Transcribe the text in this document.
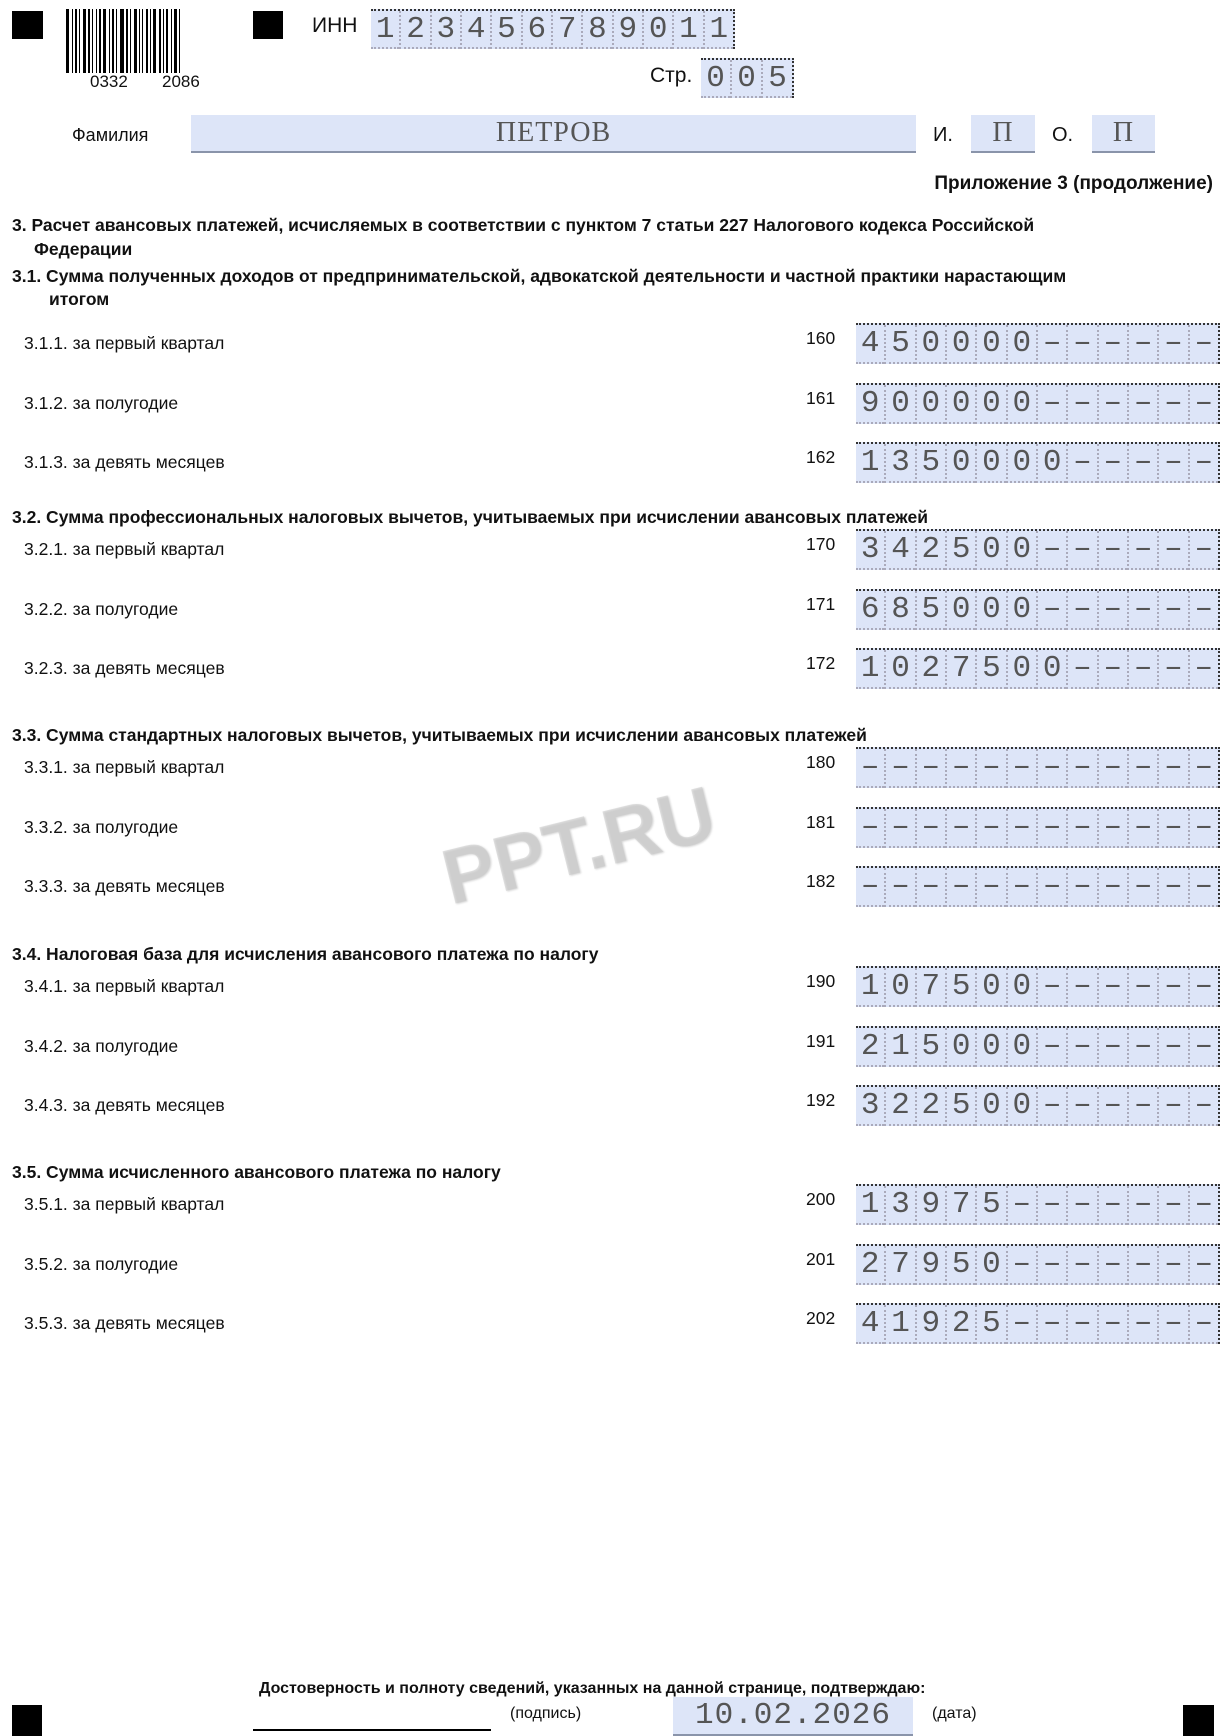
0332 2086
ИНН 1 2 3 4 5 6 7 8 9 0 1 1
Стр. 0 0 5
Фамилия	ПЕТРОВ	И.	П	О.	П
Приложение 3 (продолжение)
3. Расчет авансовых платежей, исчисляемых в соответствии с пунктом 7 статьи 227 Налогового кодекса Российской
Федерации
3.1. Сумма полученных доходов от предпринимательской, адвокатской деятельности и частной практики нарастающим
итогом
3.1.1. за первый квартал	160 4 5 0 0 0 0 – – – – – –
3.1.2. за полугодие	161 9 0 0 0 0 0 – – – – – –
3.1.3. за девять месяцев	162 1 3 5 0 0 0 0 – – – – –
3.2. Сумма профессиональных налоговых вычетов, учитываемых при исчислении авансовых платежей
3.2.1. за первый квартал	170 3 4 2 5 0 0 – – – – – –
3.2.2. за полугодие	171 6 8 5 0 0 0 – – – – – –
3.2.3. за девять месяцев	172 1 0 2 7 5 0 0 – – – – –
3.3. Сумма стандартных налоговых вычетов, учитываемых при исчислении авансовых платежей
3.3.1. за первый квартал	180 – – – – – – – – – – – –
3.3.2. за полугодие	181 – – – – – – – – – – – –
3.3.3. за девять месяцев	182 – – – – – – – – – – – –
3.4. Налоговая база для исчисления авансового платежа по налогу
3.4.1. за первый квартал	190 1 0 7 5 0 0 – – – – – –
3.4.2. за полугодие	191 2 1 5 0 0 0 – – – – – –
3.4.3. за девять месяцев	192 3 2 2 5 0 0 – – – – – –
3.5. Сумма исчисленного авансового платежа по налогу
3.5.1. за первый квартал	200 1 3 9 7 5 – – – – – – –
3.5.2. за полугодие	201 2 7 9 5 0 – – – – – – –
3.5.3. за девять месяцев	202 4 1 9 2 5 – – – – – – –
PPT.RU
Достоверность и полноту сведений, указанных на данной странице, подтверждаю:
(подпись)	10.02.2026	(дата)
